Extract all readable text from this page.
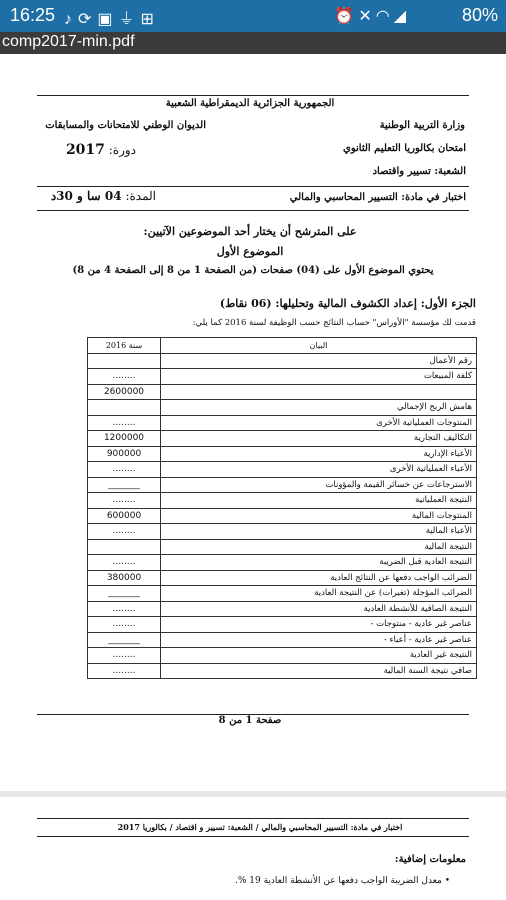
16:25 ♪⟳▣⏚⊞	⏰✕◠◢	80%
comp2017-min.pdf
الجمهورية الجزائرية الديمقراطية الشعبية
وزارة التربية الوطنية
الديوان الوطني للامتحانات والمسابقات
امتحان بكالوريا التعليم الثانوي
دورة: 2017
الشعبة: تسيير واقتصاد
اختبار في مادة: التسيير المحاسبي والمالي
المدة: 04 سا و 30د
على المترشح أن يختار أحد الموضوعين الآتيين:
الموضوع الأول
يحتوي الموضوع الأول على (04) صفحات (من الصفحة 1 من 8 إلى الصفحة 4 من 8)
الجزء الأول: إعداد الكشوف المالية وتحليلها: (06 نقاط)
قدمت لك مؤسسة "الأوراس" حساب النتائج حسب الوظيفة لسنة 2016 كما يلي:
البيان	سنة 2016
رقم الأعمال	
كلفة المبيعات	........
	2600000
هامش الربح الإجمالي	
المنتوجات العملياتية الأخرى	........
التكاليف التجارية	1200000
الأعباء الإدارية	900000
الأعباء العملياتية الأخرى	........
الاسترجاعات عن خسائر القيمة والمؤونات	_______
النتيجة العملياتية	........
المنتوجات المالية	600000
الأعباء المالية	........
النتيجة المالية	
النتيجة العادية قبل الضريبة	........
الضرائب الواجب دفعها عن النتائج العادية	380000
الضرائب المؤجلة (تغيرات) عن النتيجة العادية	_______
النتيجة الصافية للأنشطة العادية	........
عناصر غير عادية - منتوجات -	........
عناصر غير عادية - أعباء -	_______
النتيجة غير العادية	........
صافي نتيجة السنة المالية	........
صفحة 1 من 8
اختبار في مادة: التسيير المحاسبي والمالي / الشعبة: تسيير و اقتصاد / بكالوريا 2017
معلومات إضافية:
• معدل الضريبة الواجب دفعها عن الأنشطة العادية 19 %.
